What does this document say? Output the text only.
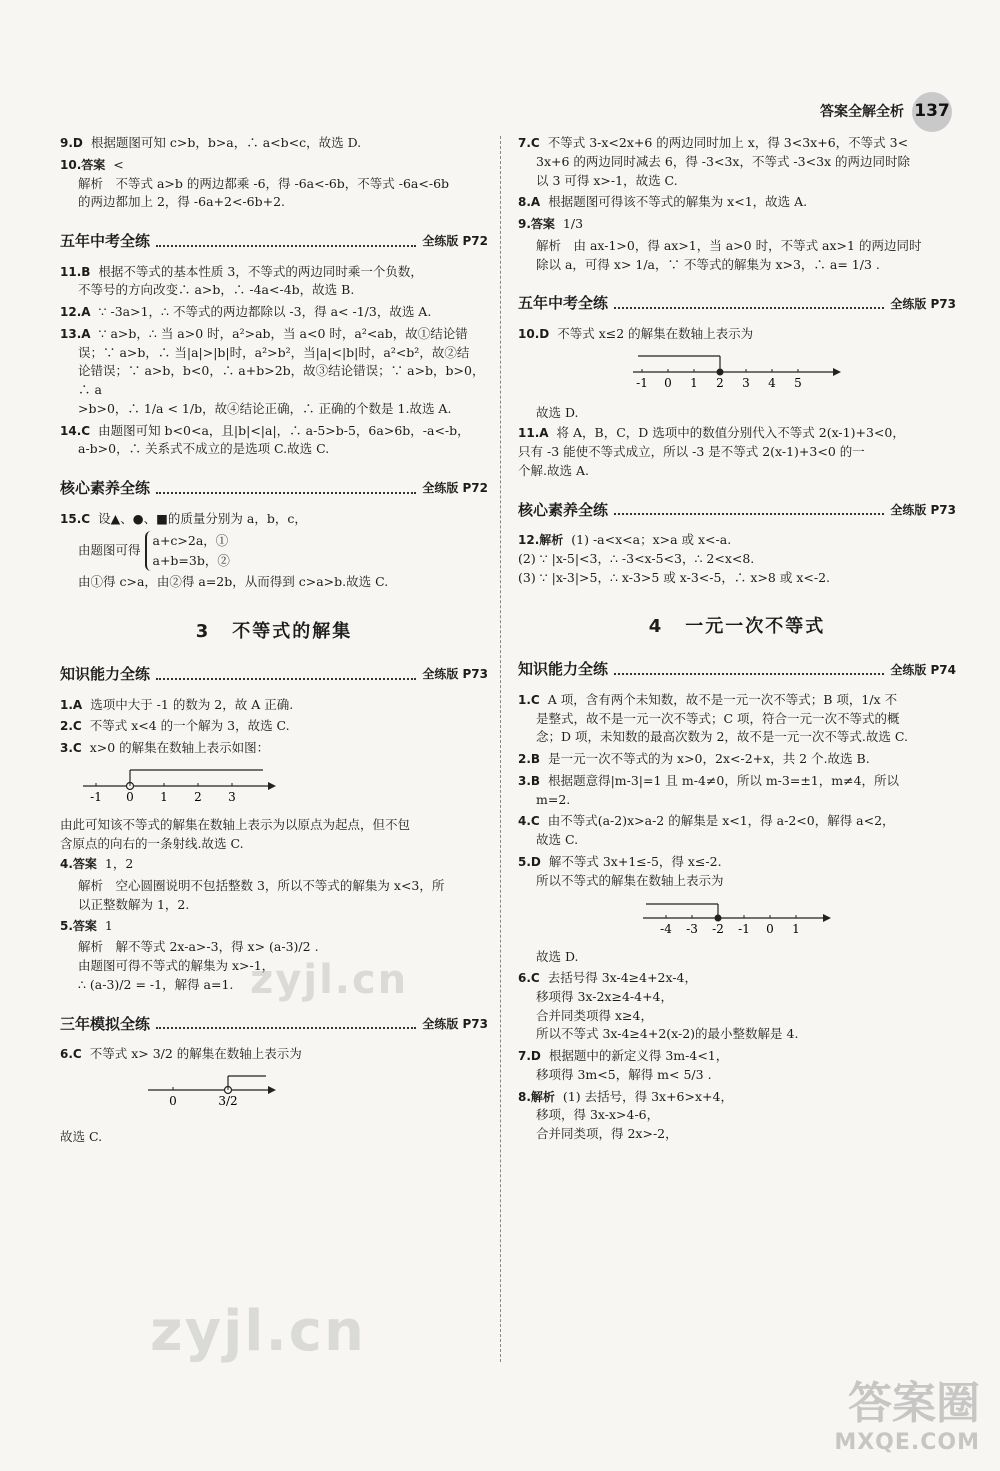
答案全解全析 137
9.D 根据题图可知 c>b，b>a，∴ a<b<c，故选 D.
10.答案 <
解析　不等式 a>b 的两边都乘 -6，得 -6a<-6b，不等式 -6a<-6b
的两边都加上 2，得 -6a+2<-6b+2.
五年中考全练	全练版 P72
11.B 根据不等式的基本性质 3，不等式的两边同时乘一个负数，
不等号的方向改变∴ a>b，∴ -4a<-4b，故选 B.
12.A ∵ -3a>1，∴ 不等式的两边都除以 -3，得 a< -1/3，故选 A.
13.A ∵ a>b，∴ 当 a>0 时，a²>ab，当 a<0 时，a²<ab，故①结论错
误；∵ a>b，∴ 当|a|>|b|时，a²>b²，当|a|<|b|时，a²<b²，故②结
论错误；∵ a>b，b<0，∴ a+b>2b，故③结论错误；∵ a>b，b>0，∴ a
>b>0，∴ 1/a < 1/b，故④结论正确，∴ 正确的个数是 1.故选 A.
14.C 由题图可知 b<0<a，且|b|<|a|，∴ a-5>b-5，6a>6b，-a<-b，
a-b>0，∴ 关系式不成立的是选项 C.故选 C.
核心素养全练	全练版 P72
15.C 设▲、●、■的质量分别为 a，b，c，
由题图可得
a+c>2a，①
a+b=3b，②
由①得 c>a，由②得 a=2b，从而得到 c>a>b.故选 C.
3 不等式的解集
知识能力全练	全练版 P73
1.A 选项中大于 -1 的数为 2，故 A 正确.
2.C 不等式 x<4 的一个解为 3，故选 C.
3.C x>0 的解集在数轴上表示如图：
-1 0 1 2 3
由此可知该不等式的解集在数轴上表示为以原点为起点，但不包
含原点的向右的一条射线.故选 C.
4.答案 1，2
解析　空心圆圈说明不包括整数 3，所以不等式的解集为 x<3，所
以正整数解为 1，2.
5.答案 1
解析　解不等式 2x-a>-3，得 x> (a-3)/2 .
由题图可得不等式的解集为 x>-1，
∴ (a-3)/2 = -1，解得 a=1.
三年模拟全练	全练版 P73
6.C 不等式 x> 3/2 的解集在数轴上表示为
0	3/2
故选 C.
7.C 不等式 3-x<2x+6 的两边同时加上 x，得 3<3x+6，不等式 3<
3x+6 的两边同时减去 6，得 -3<3x，不等式 -3<3x 的两边同时除
以 3 可得 x>-1，故选 C.
8.A 根据题图可得该不等式的解集为 x<1，故选 A.
9.答案 1/3
解析　由 ax-1>0，得 ax>1，当 a>0 时，不等式 ax>1 的两边同时
除以 a，可得 x> 1/a，∵ 不等式的解集为 x>3，∴ a= 1/3 .
五年中考全练	全练版 P73
10.D 不等式 x≤2 的解集在数轴上表示为
-1 0 1 2 3 4 5
故选 D.
11.A 将 A，B，C，D 选项中的数值分别代入不等式 2(x-1)+3<0，
只有 -3 能使不等式成立，所以 -3 是不等式 2(x-1)+3<0 的一
个解.故选 A.
核心素养全练	全练版 P73
12.解析 (1) -a<x<a；x>a 或 x<-a.
(2) ∵ |x-5|<3，∴ -3<x-5<3，∴ 2<x<8.
(3) ∵ |x-3|>5，∴ x-3>5 或 x-3<-5，∴ x>8 或 x<-2.
4 一元一次不等式
知识能力全练	全练版 P74
1.C A 项，含有两个未知数，故不是一元一次不等式；B 项，1/x 不
是整式，故不是一元一次不等式；C 项，符合一元一次不等式的概
念；D 项，未知数的最高次数为 2，故不是一元一次不等式.故选 C.
2.B 是一元一次不等式的为 x>0，2x<-2+x，共 2 个.故选 B.
3.B 根据题意得|m-3|=1 且 m-4≠0，所以 m-3=±1，m≠4，所以
m=2.
4.C 由不等式(a-2)x>a-2 的解集是 x<1，得 a-2<0，解得 a<2，
故选 C.
5.D 解不等式 3x+1≤-5，得 x≤-2.
所以不等式的解集在数轴上表示为
-4 -3 -2 -1 0 1
故选 D.
6.C 去括号得 3x-4≥4+2x-4，
移项得 3x-2x≥4-4+4，
合并同类项得 x≥4，
所以不等式 3x-4≥4+2(x-2)的最小整数解是 4.
7.D 根据题中的新定义得 3m-4<1，
移项得 3m<5，解得 m< 5/3 .
8.解析 (1) 去括号，得 3x+6>x+4，
移项，得 3x-x>4-6，
合并同类项，得 2x>-2，
zyjl.cn
zyjl.cn
答案圈
MXQE.COM
